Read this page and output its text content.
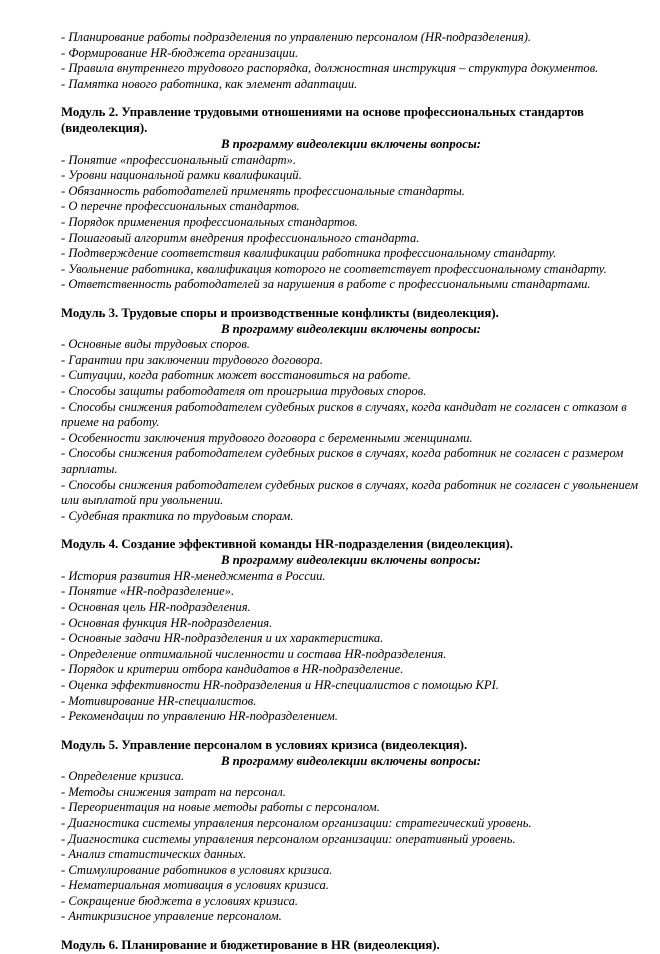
- Планирование работы подразделения по управлению персоналом (HR-подразделения).
- Формирование HR-бюджета организации.
- Правила внутреннего трудового распорядка, должностная инструкция – структура документов.
- Памятка нового работника, как элемент адаптации.
Модуль 2. Управление трудовыми отношениями на основе профессиональных стандартов (видеолекция).
В программу видеолекции включены вопросы:
- Понятие «профессиональный стандарт».
- Уровни национальной рамки квалификаций.
- Обязанность работодателей применять профессиональные стандарты.
- О перечне профессиональных стандартов.
- Порядок применения профессиональных стандартов.
- Пошаговый алгоритм внедрения профессионального стандарта.
- Подтверждение соответствия квалификации работника профессиональному стандарту.
- Увольнение работника, квалификация которого не соответствует профессиональному стандарту.
- Ответственность работодателей за нарушения в работе с профессиональными стандартами.
Модуль 3. Трудовые споры и производственные конфликты (видеолекция).
В программу видеолекции включены вопросы:
- Основные виды трудовых споров.
- Гарантии при заключении трудового договора.
- Ситуации, когда работник может восстановиться на работе.
- Способы защиты работодателя от проигрыша трудовых споров.
- Способы снижения работодателем судебных рисков в случаях, когда кандидат не согласен с отказом в приеме на работу.
- Особенности заключения трудового договора с беременными женщинами.
- Способы снижения работодателем судебных рисков в случаях, когда работник не согласен с размером зарплаты.
- Способы снижения работодателем судебных рисков в случаях, когда работник не согласен с увольнением или выплатой при увольнении.
- Судебная практика по трудовым спорам.
Модуль 4. Создание эффективной команды HR-подразделения (видеолекция).
В программу видеолекции включены вопросы:
- История развития HR-менеджмента в России.
- Понятие «HR-подразделение».
- Основная цель HR-подразделения.
- Основная функция HR-подразделения.
- Основные задачи HR-подразделения и их характеристика.
- Определение оптимальной численности и состава HR-подразделения.
- Порядок и критерии отбора кандидатов в HR-подразделение.
- Оценка эффективности HR-подразделения и HR-специалистов с помощью KPI.
- Мотивирование HR-специалистов.
- Рекомендации по управлению HR-подразделением.
Модуль 5. Управление персоналом в условиях кризиса (видеолекция).
В программу видеолекции включены вопросы:
- Определение кризиса.
- Методы снижения затрат на персонал.
- Переориентация на новые методы работы с персоналом.
- Диагностика системы управления персоналом организации: стратегический уровень.
- Диагностика системы управления персоналом организации: оперативный уровень.
- Анализ статистических данных.
- Стимулирование работников в условиях кризиса.
- Нематериальная мотивация в условиях кризиса.
- Сокращение бюджета в условиях кризиса.
- Антикризисное управление персоналом.
Модуль 6. Планирование и бюджетирование в HR (видеолекция).
